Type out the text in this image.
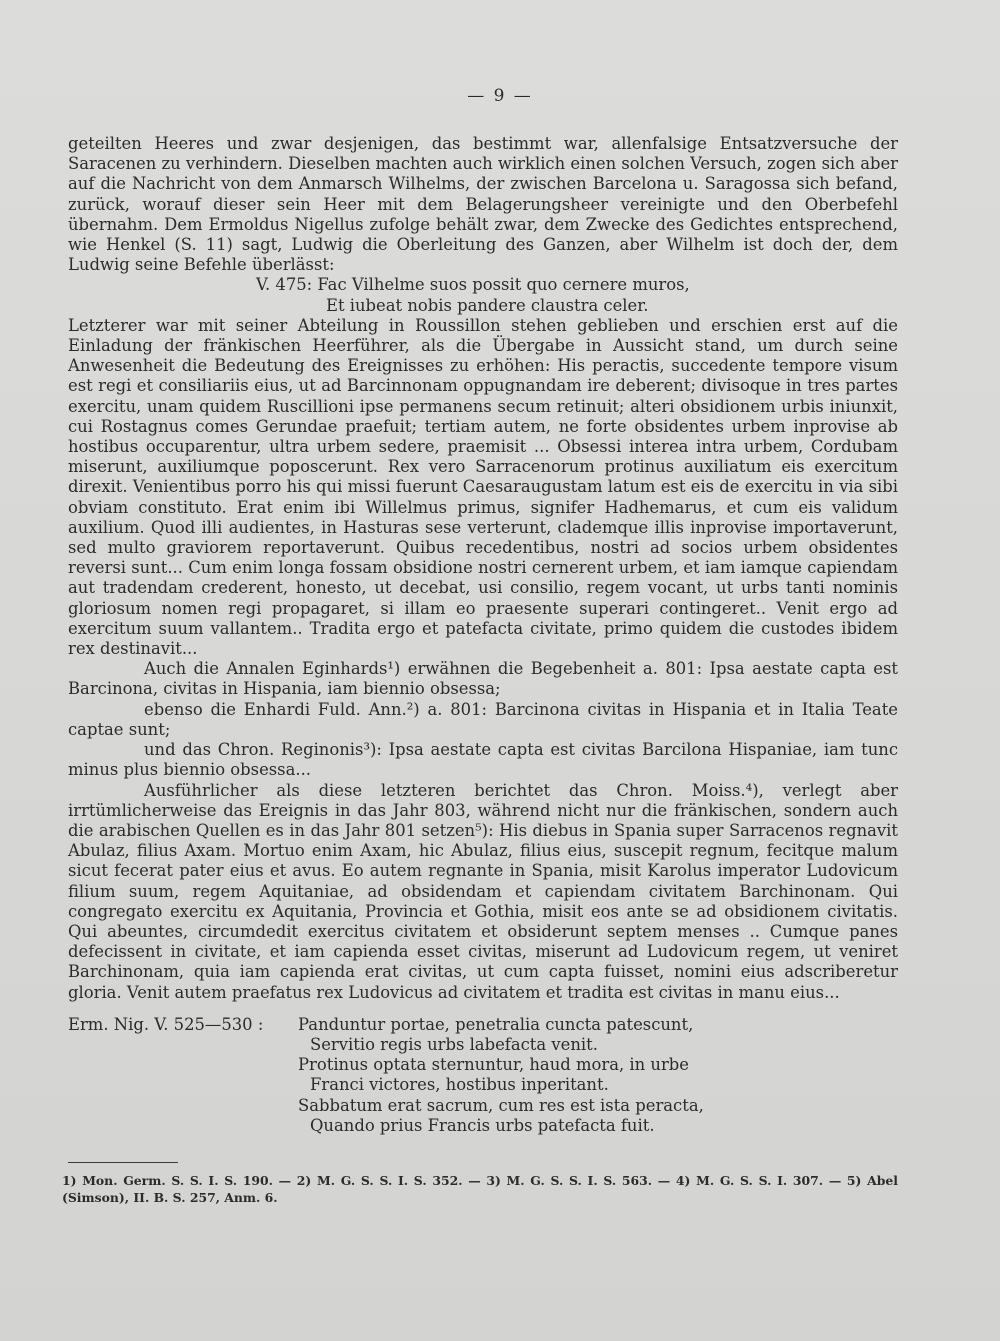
— 9 —

geteilten Heeres und zwar desjenigen, das bestimmt war, allenfalsige Entsatzversuche der Saracenen zu verhindern. Dieselben machten auch wirklich einen solchen Versuch, zogen sich aber auf die Nachricht von dem Anmarsch Wilhelms, der zwischen Barcelona u. Saragossa sich befand, zurück, worauf dieser sein Heer mit dem Belagerungsheer vereinigte und den Oberbefehl übernahm. Dem Ermoldus Nigellus zufolge behält zwar, dem Zwecke des Gedichtes entsprechend, wie Henkel (S. 11) sagt, Ludwig die Oberleitung des Ganzen, aber Wilhelm ist doch der, dem Ludwig seine Befehle überlässt:

V. 475: Fac Vilhelme suos possit quo cernere muros,
Et iubeat nobis pandere claustra celer.

Letzterer war mit seiner Abteilung in Roussillon stehen geblieben und erschien erst auf die Einladung der fränkischen Heerführer, als die Übergabe in Aussicht stand, um durch seine Anwesenheit die Bedeutung des Ereignisses zu erhöhen: His peractis, succedente tempore visum est regi et consiliariis eius, ut ad Barcinnonam oppugnandam ire deberent; divisoque in tres partes exercitu, unam quidem Ruscillioni ipse permanens secum retinuit; alteri obsidionem urbis iniunxit, cui Rostagnus comes Gerundae praefuit; tertiam autem, ne forte obsidentes urbem inprovise ab hostibus occuparentur, ultra urbem sedere, praemisit ... Obsessi interea intra urbem, Cordubam miserunt, auxiliumque poposcerunt. Rex vero Sarracenorum protinus auxiliatum eis exercitum direxit. Venientibus porro his qui missi fuerunt Caesaraugustam latum est eis de exercitu in via sibi obviam constituto. Erat enim ibi Willelmus primus, signifer Hadhemarus, et cum eis validum auxilium. Quod illi audientes, in Hasturas sese verterunt, clademque illis inprovise importaverunt, sed multo graviorem reportaverunt. Quibus recedentibus, nostri ad socios urbem obsidentes reversi sunt... Cum enim longa fossam obsidione nostri cernerent urbem, et iam iamque capiendam aut tradendam crederent, honesto, ut decebat, usi consilio, regem vocant, ut urbs tanti nominis gloriosum nomen regi propagaret, si illam eo praesente superari contingeret.. Venit ergo ad exercitum suum vallantem.. Tradita ergo et patefacta civitate, primo quidem die custodes ibidem rex destinavit...

Auch die Annalen Eginhards¹) erwähnen die Begebenheit a. 801: Ipsa aestate capta est Barcinona, civitas in Hispania, iam biennio obsessa;

ebenso die Enhardi Fuld. Ann.²) a. 801: Barcinona civitas in Hispania et in Italia Teate captae sunt;

und das Chron. Reginonis³): Ipsa aestate capta est civitas Barcilona Hispaniae, iam tunc minus plus biennio obsessa...

Ausführlicher als diese letzteren berichtet das Chron. Moiss.⁴), verlegt aber irrtümlicherweise das Ereignis in das Jahr 803, während nicht nur die fränkischen, sondern auch die arabischen Quellen es in das Jahr 801 setzen⁵): His diebus in Spania super Sarracenos regnavit Abulaz, filius Axam. Mortuo enim Axam, hic Abulaz, filius eius, suscepit regnum, fecitque malum sicut fecerat pater eius et avus. Eo autem regnante in Spania, misit Karolus imperator Ludovicum filium suum, regem Aquitaniae, ad obsidendam et capiendam civitatem Barchinonam. Qui congregato exercitu ex Aquitania, Provincia et Gothia, misit eos ante se ad obsidionem civitatis. Qui abeuntes, circumdedit exercitus civitatem et obsiderunt septem menses .. Cumque panes defecissent in civitate, et iam capienda esset civitas, miserunt ad Ludovicum regem, ut veniret Barchinonam, quia iam capienda erat civitas, ut cum capta fuisset, nomini eius adscriberetur gloria. Venit autem praefatus rex Ludovicus ad civitatem et tradita est civitas in manu eius...

Erm. Nig. V. 525—530 :	Panduntur portae, penetralia cuncta patescunt,
Servitio regis urbs labefacta venit.
Protinus optata sternuntur, haud mora, in urbe
Franci victores, hostibus inperitant.
Sabbatum erat sacrum, cum res est ista peracta,
Quando prius Francis urbs patefacta fuit.
1) Mon. Germ. S. S. I. S. 190. — 2) M. G. S. S. I. S. 352. — 3) M. G. S. S. I. S. 563. — 4) M. G. S. S. I. 307. — 5) Abel (Simson), II. B. S. 257, Anm. 6.
